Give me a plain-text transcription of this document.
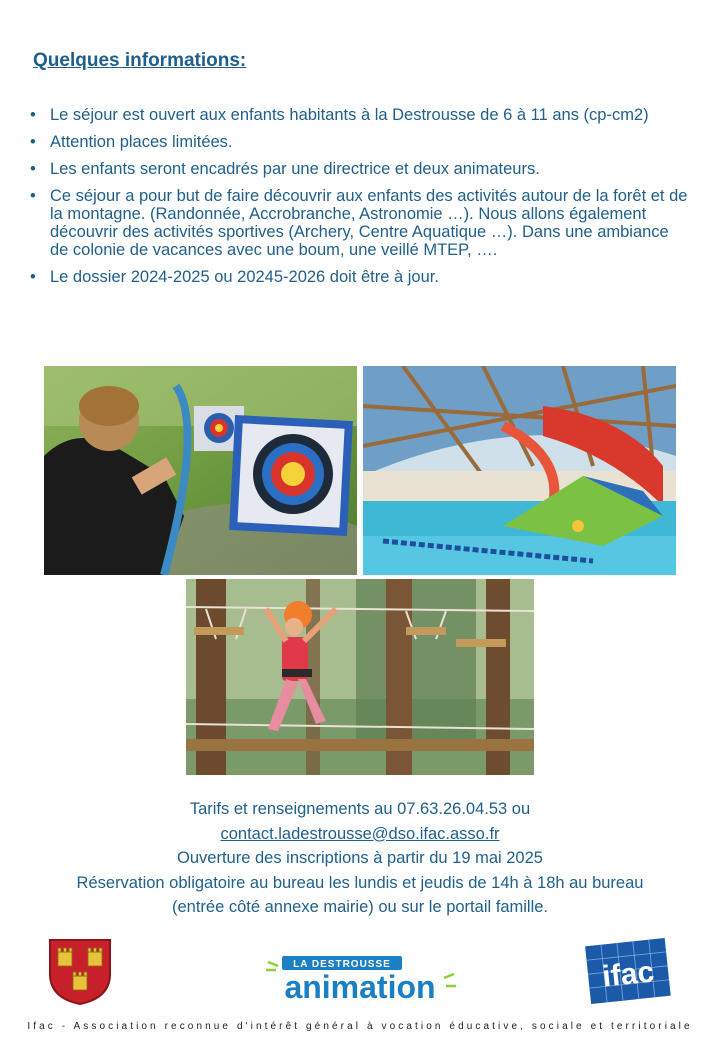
Quelques informations:
• Le séjour est ouvert aux enfants habitants à la Destrousse de 6 à 11 ans (cp-cm2)
• Attention places limitées.
• Les enfants seront encadrés par une directrice et deux animateurs.
• Ce séjour a pour but de faire découvrir aux enfants des activités autour de la forêt et de la montagne. (Randonnée, Accrobranche, Astronomie …). Nous allons également découvrir des activités sportives (Archery, Centre Aquatique …). Dans une ambiance de colonie de vacances avec une boum, une veillé MTEP, ….
• Le dossier 2024-2025 ou 20245-2026 doit être à jour.
Tarifs et renseignements au 07.63.26.04.53 ou
contact.ladestrousse@dso.ifac.asso.fr
Ouverture des inscriptions à partir du 19 mai 2025
Réservation obligatoire au bureau les lundis et jeudis de 14h à 18h au bureau
(entrée côté annexe mairie) ou sur le portail famille.
LA DESTROUSSE
animation	ifac
Ifac - Association reconnue d'intérêt général à vocation éducative, sociale et territoriale
